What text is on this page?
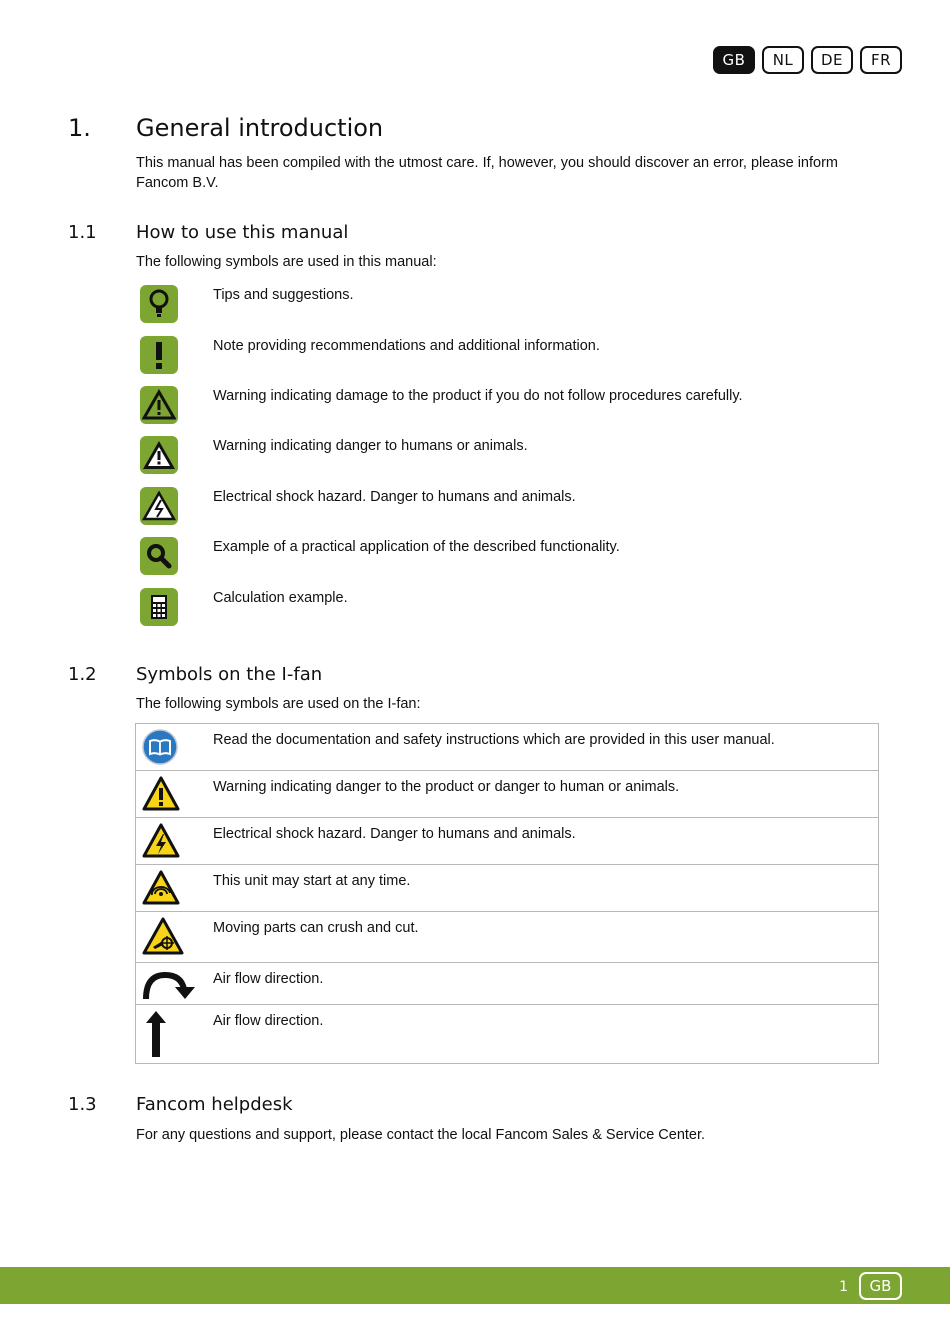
GB	NL	DE	FR
1.	General introduction
This manual has been compiled with the utmost care. If, however, you should discover an error, please inform
Fancom B.V.
1.1	How to use this manual
The following symbols are used in this manual:
Tips and suggestions.
Note providing recommendations and additional information.
Warning indicating damage to the product if you do not follow procedures carefully.
Warning indicating danger to humans or animals.
Electrical shock hazard. Danger to humans and animals.
Example of a practical application of the described functionality.
Calculation example.
1.2	Symbols on the I-fan
The following symbols are used on the I-fan:
Read the documentation and safety instructions which are provided in this user manual.
Warning indicating danger to the product or danger to human or animals.
Electrical shock hazard. Danger to humans and animals.
This unit may start at any time.
Moving parts can crush and cut.
Air flow direction.
Air flow direction.
1.3	Fancom helpdesk
For any questions and support, please contact the local Fancom Sales & Service Center.
1	GB
